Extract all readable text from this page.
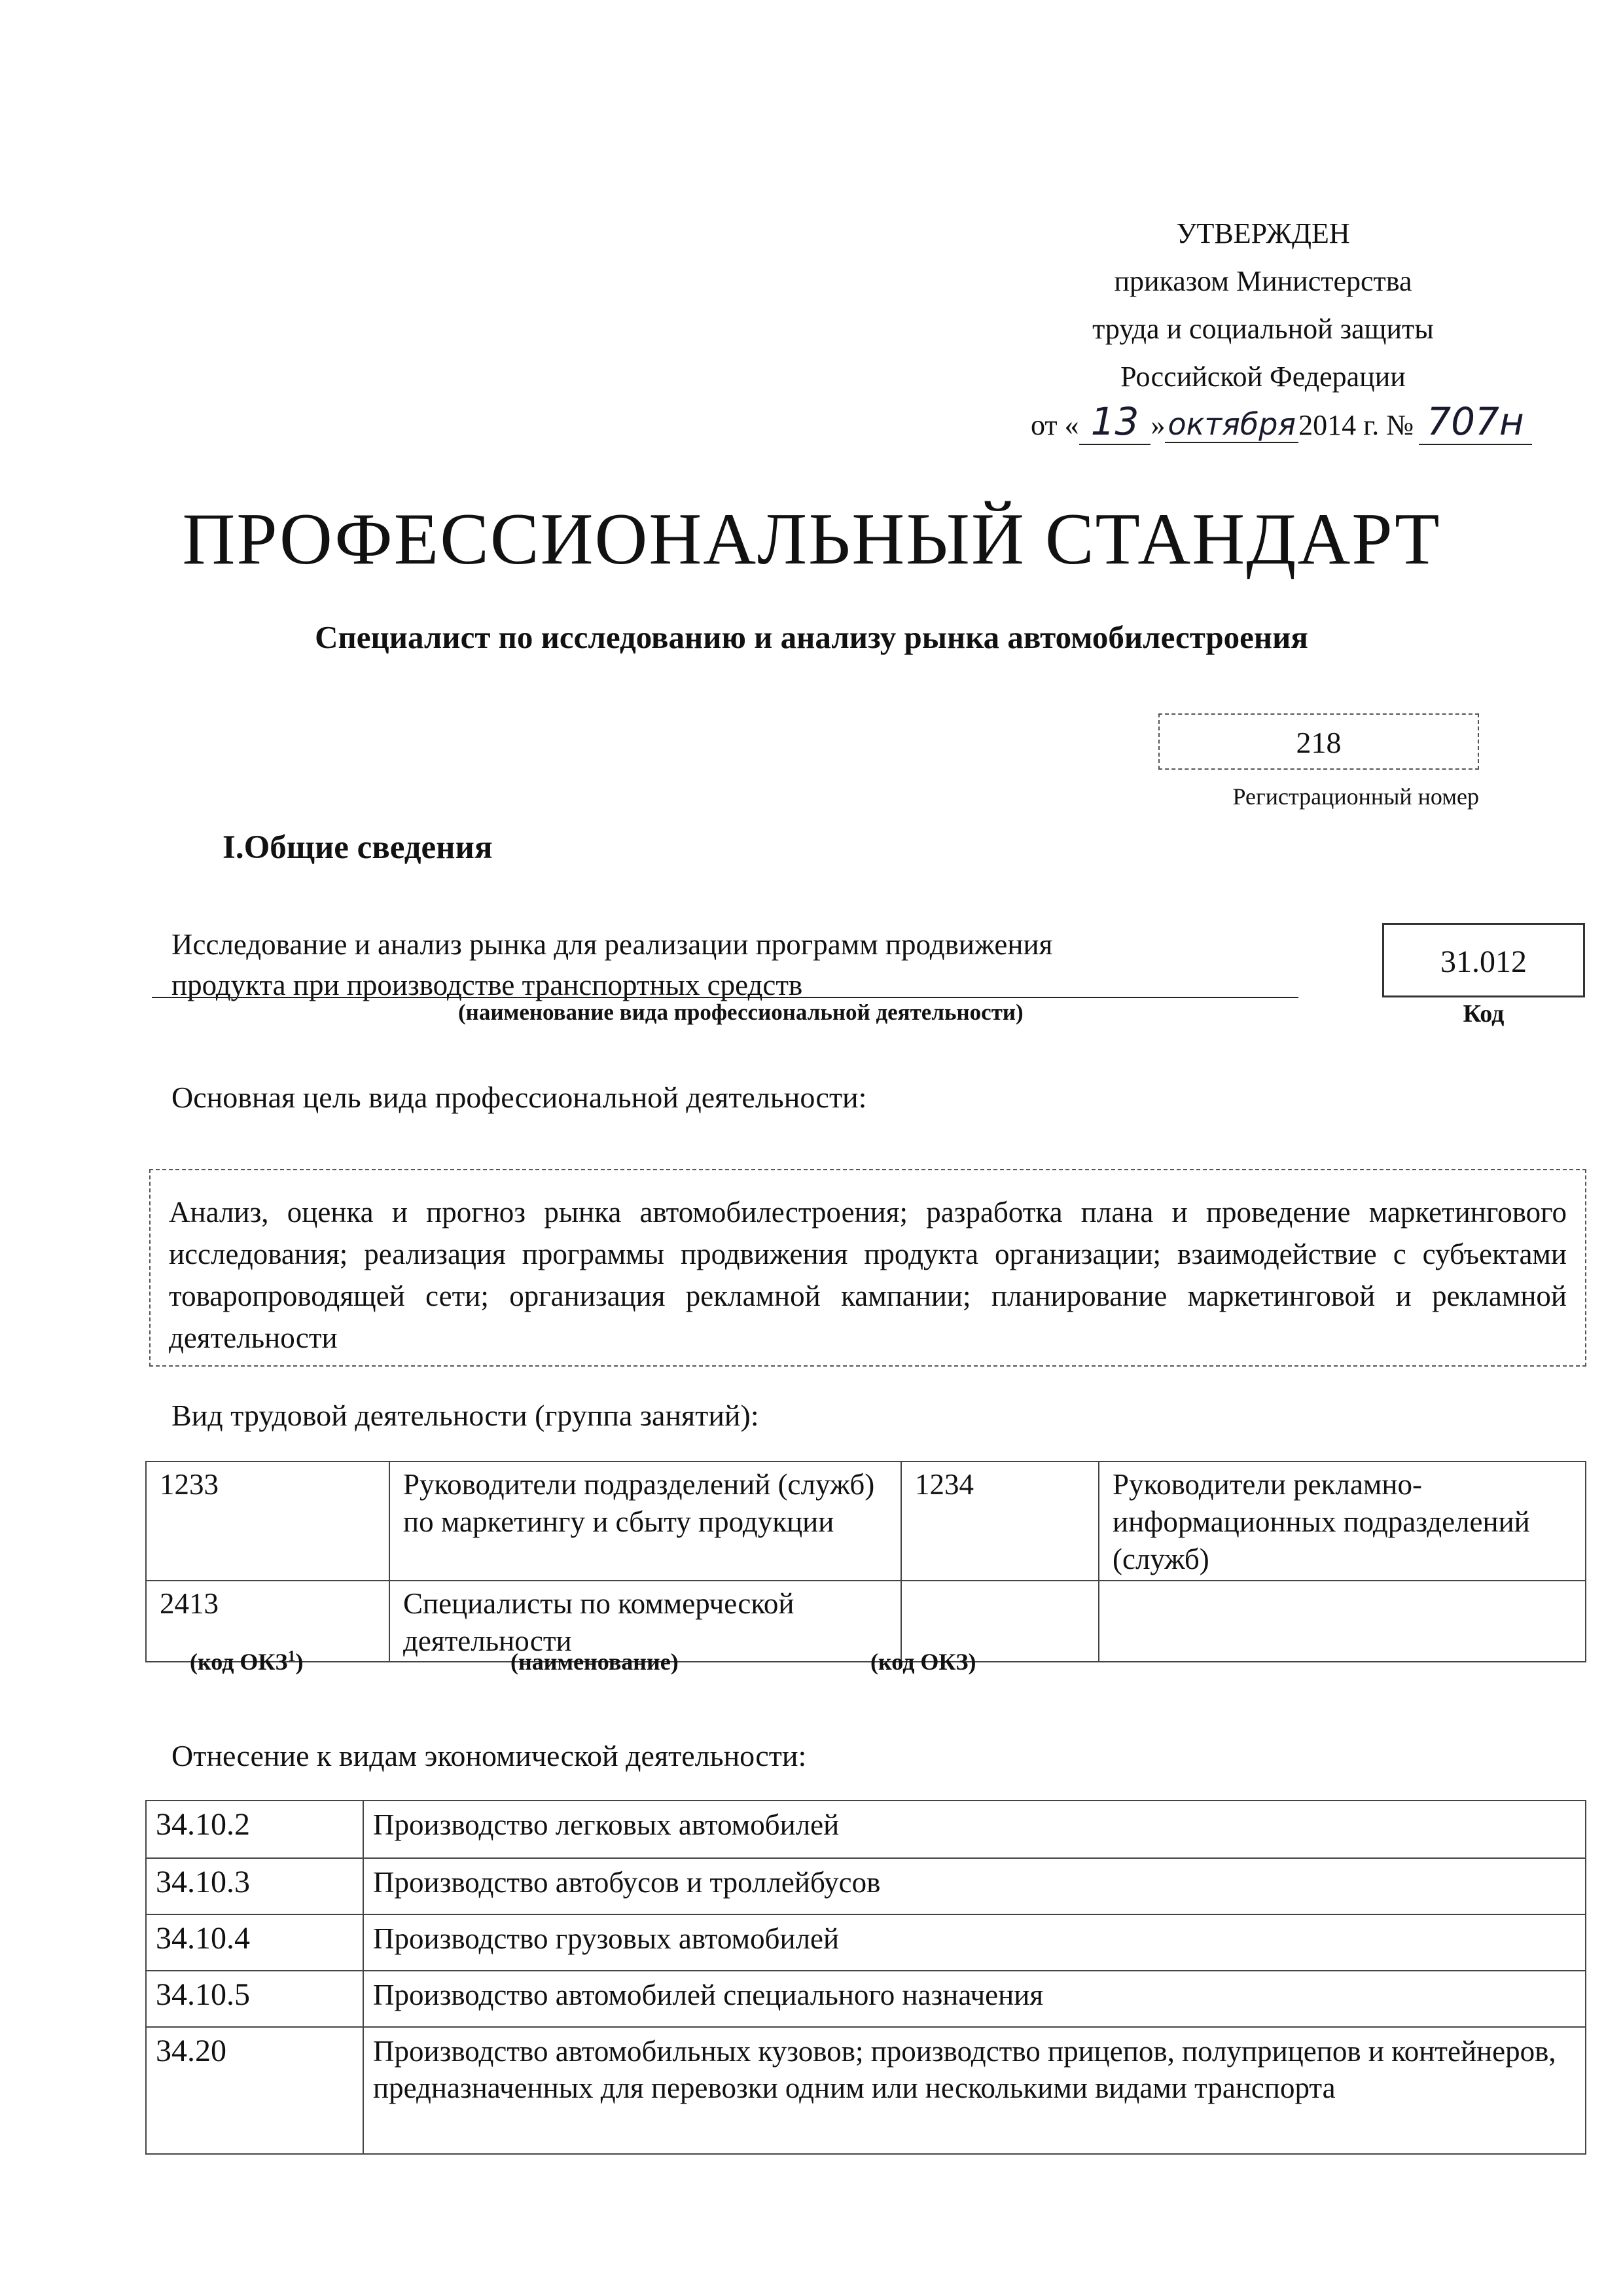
УТВЕРЖДЕН
приказом Министерства
труда и социальной защиты
Российской Федерации
от « 13 »октября2014 г. № 707н
ПРОФЕССИОНАЛЬНЫЙ СТАНДАРТ
Специалист по исследованию и анализу рынка автомобилестроения
218
Регистрационный номер
I.Общие сведения
Исследование и анализ рынка для реализации программ продвижения
продукта при производстве транспортных средств
(наименование вида профессиональной деятельности)
31.012
Код
Основная цель вида профессиональной деятельности:
Анализ, оценка и прогноз рынка автомобилестроения; разработка плана и проведение маркетингового исследования; реализация программы продвижения продукта организации; взаимодействие с субъектами товаропроводящей сети; организация рекламной кампании; планирование маркетинговой и рекламной деятельности
Вид трудовой деятельности (группа занятий):
1233	Руководители подразделений (служб) по маркетингу и сбыту продукции	1234	Руководители рекламно-информационных подразделений (служб)
2413	Специалисты по коммерческой деятельности		
(код ОКЗ$^1$)	(наименование)	(код ОКЗ)
Отнесение к видам экономической деятельности:
34.10.2	Производство легковых автомобилей
34.10.3	Производство автобусов и троллейбусов
34.10.4	Производство грузовых автомобилей
34.10.5	Производство автомобилей специального назначения
34.20	Производство автомобильных кузовов; производство прицепов, полуприцепов и контейнеров, предназначенных для перевозки одним или несколькими видами транспорта
